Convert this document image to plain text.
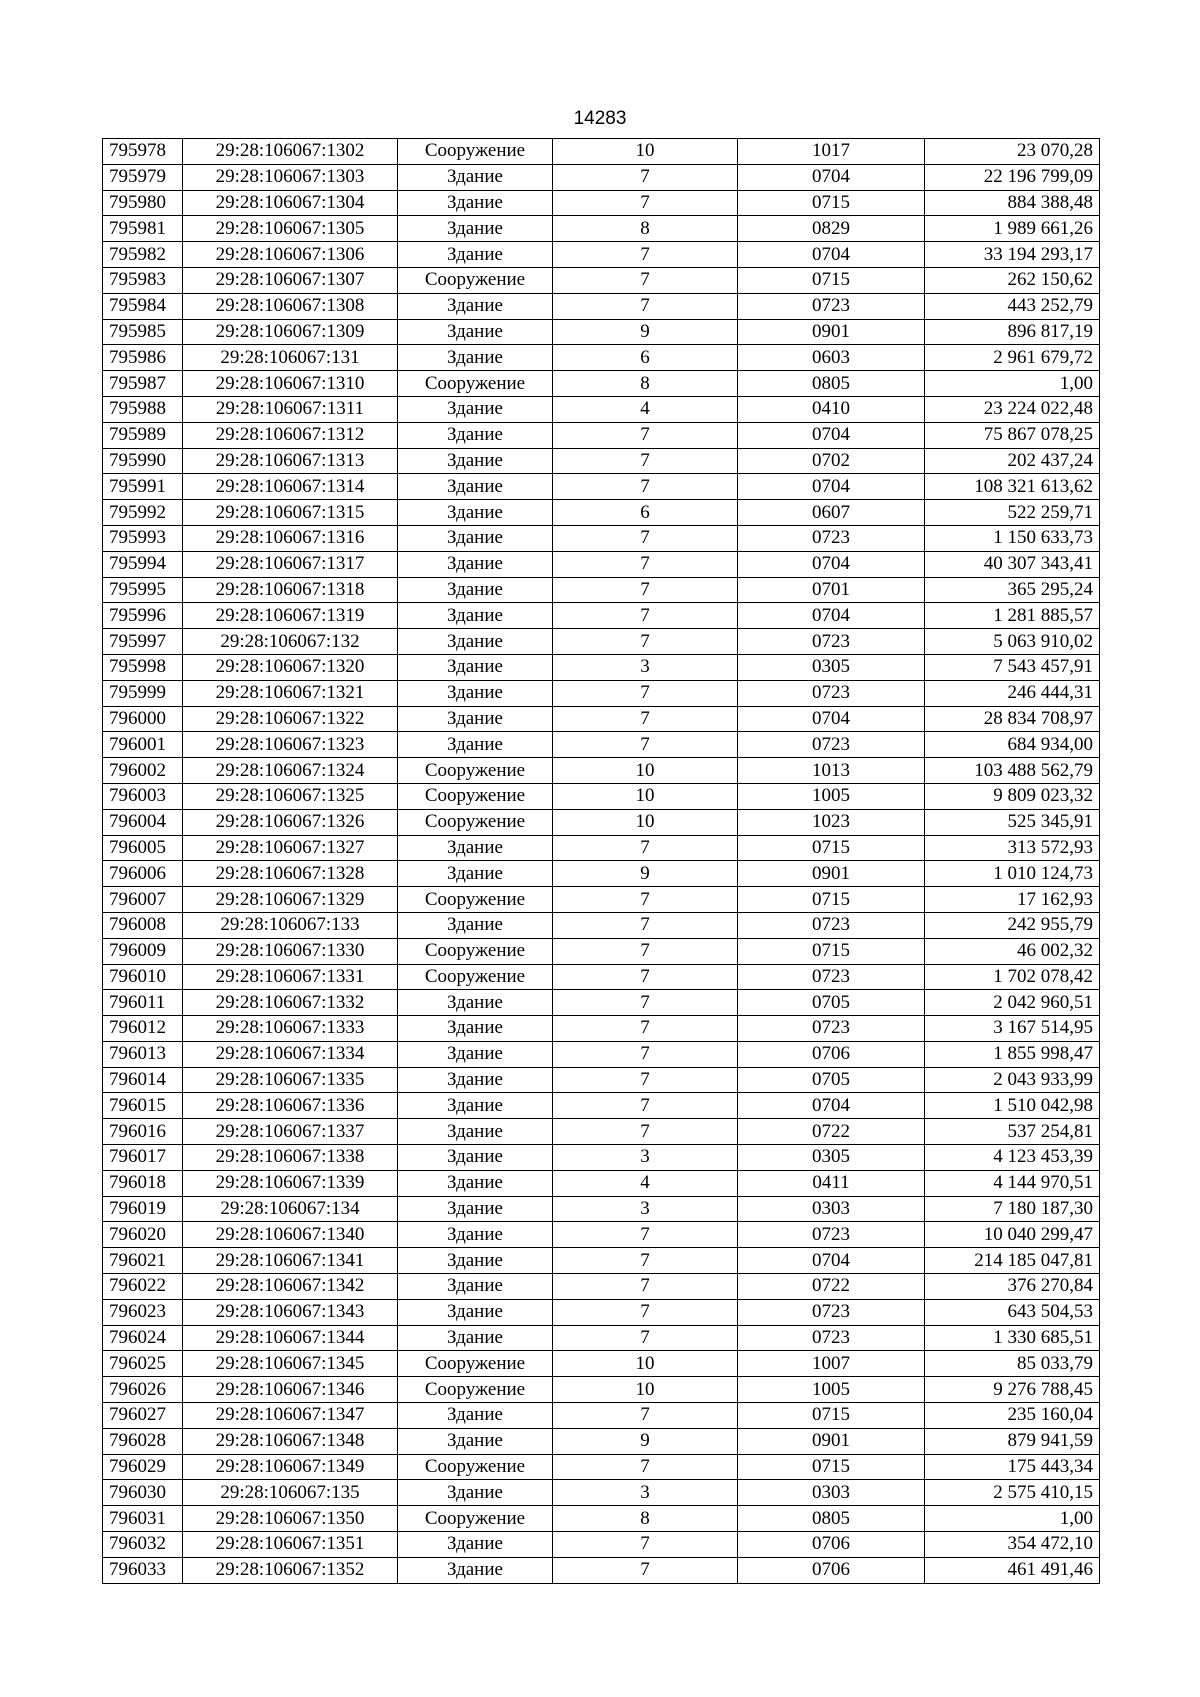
14283
795978	29:28:106067:1302	Сооружение	10	1017	23 070,28
795979	29:28:106067:1303	Здание	7	0704	22 196 799,09
795980	29:28:106067:1304	Здание	7	0715	884 388,48
795981	29:28:106067:1305	Здание	8	0829	1 989 661,26
795982	29:28:106067:1306	Здание	7	0704	33 194 293,17
795983	29:28:106067:1307	Сооружение	7	0715	262 150,62
795984	29:28:106067:1308	Здание	7	0723	443 252,79
795985	29:28:106067:1309	Здание	9	0901	896 817,19
795986	29:28:106067:131	Здание	6	0603	2 961 679,72
795987	29:28:106067:1310	Сооружение	8	0805	1,00
795988	29:28:106067:1311	Здание	4	0410	23 224 022,48
795989	29:28:106067:1312	Здание	7	0704	75 867 078,25
795990	29:28:106067:1313	Здание	7	0702	202 437,24
795991	29:28:106067:1314	Здание	7	0704	108 321 613,62
795992	29:28:106067:1315	Здание	6	0607	522 259,71
795993	29:28:106067:1316	Здание	7	0723	1 150 633,73
795994	29:28:106067:1317	Здание	7	0704	40 307 343,41
795995	29:28:106067:1318	Здание	7	0701	365 295,24
795996	29:28:106067:1319	Здание	7	0704	1 281 885,57
795997	29:28:106067:132	Здание	7	0723	5 063 910,02
795998	29:28:106067:1320	Здание	3	0305	7 543 457,91
795999	29:28:106067:1321	Здание	7	0723	246 444,31
796000	29:28:106067:1322	Здание	7	0704	28 834 708,97
796001	29:28:106067:1323	Здание	7	0723	684 934,00
796002	29:28:106067:1324	Сооружение	10	1013	103 488 562,79
796003	29:28:106067:1325	Сооружение	10	1005	9 809 023,32
796004	29:28:106067:1326	Сооружение	10	1023	525 345,91
796005	29:28:106067:1327	Здание	7	0715	313 572,93
796006	29:28:106067:1328	Здание	9	0901	1 010 124,73
796007	29:28:106067:1329	Сооружение	7	0715	17 162,93
796008	29:28:106067:133	Здание	7	0723	242 955,79
796009	29:28:106067:1330	Сооружение	7	0715	46 002,32
796010	29:28:106067:1331	Сооружение	7	0723	1 702 078,42
796011	29:28:106067:1332	Здание	7	0705	2 042 960,51
796012	29:28:106067:1333	Здание	7	0723	3 167 514,95
796013	29:28:106067:1334	Здание	7	0706	1 855 998,47
796014	29:28:106067:1335	Здание	7	0705	2 043 933,99
796015	29:28:106067:1336	Здание	7	0704	1 510 042,98
796016	29:28:106067:1337	Здание	7	0722	537 254,81
796017	29:28:106067:1338	Здание	3	0305	4 123 453,39
796018	29:28:106067:1339	Здание	4	0411	4 144 970,51
796019	29:28:106067:134	Здание	3	0303	7 180 187,30
796020	29:28:106067:1340	Здание	7	0723	10 040 299,47
796021	29:28:106067:1341	Здание	7	0704	214 185 047,81
796022	29:28:106067:1342	Здание	7	0722	376 270,84
796023	29:28:106067:1343	Здание	7	0723	643 504,53
796024	29:28:106067:1344	Здание	7	0723	1 330 685,51
796025	29:28:106067:1345	Сооружение	10	1007	85 033,79
796026	29:28:106067:1346	Сооружение	10	1005	9 276 788,45
796027	29:28:106067:1347	Здание	7	0715	235 160,04
796028	29:28:106067:1348	Здание	9	0901	879 941,59
796029	29:28:106067:1349	Сооружение	7	0715	175 443,34
796030	29:28:106067:135	Здание	3	0303	2 575 410,15
796031	29:28:106067:1350	Сооружение	8	0805	1,00
796032	29:28:106067:1351	Здание	7	0706	354 472,10
796033	29:28:106067:1352	Здание	7	0706	461 491,46
